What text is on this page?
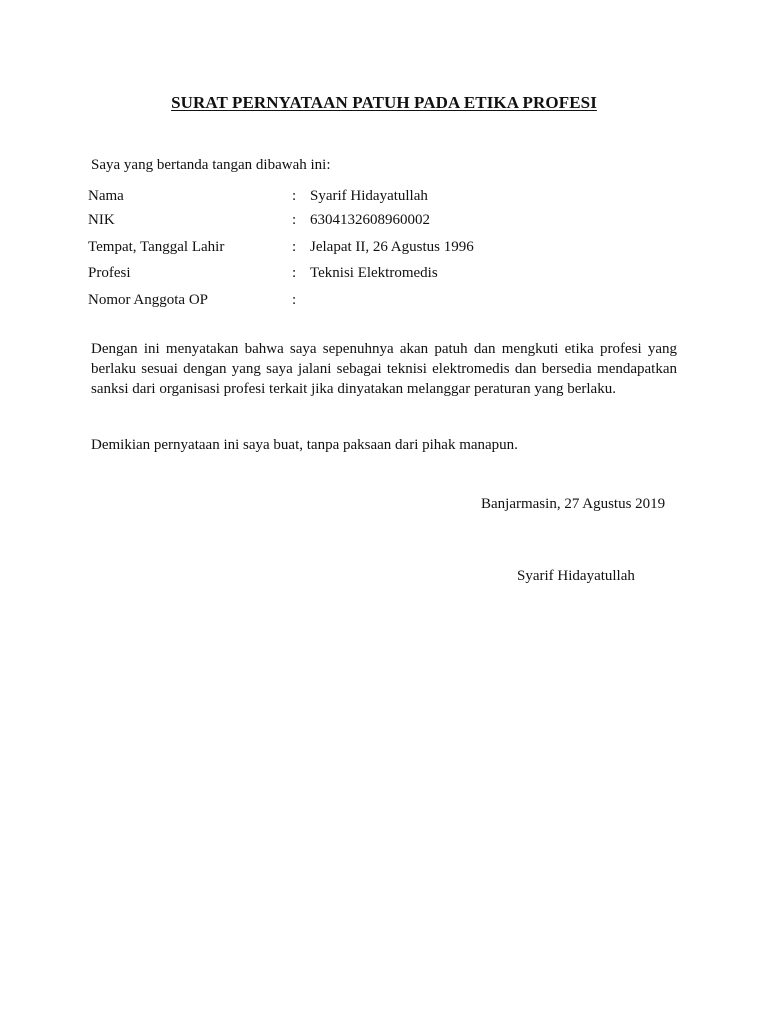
SURAT PERNYATAAN PATUH PADA ETIKA PROFESI
Saya yang bertanda tangan dibawah ini:
Nama	: Syarif Hidayatullah
NIK	: 6304132608960002
Tempat, Tanggal Lahir	: Jelapat II, 26 Agustus 1996
Profesi	: Teknisi Elektromedis
Nomor Anggota OP	:
Dengan ini menyatakan bahwa saya sepenuhnya akan patuh dan mengkuti etika profesi yang berlaku sesuai dengan yang saya jalani sebagai teknisi elektromedis dan bersedia mendapatkan sanksi dari organisasi profesi terkait jika dinyatakan melanggar peraturan yang berlaku.
Demikian pernyataan ini saya buat, tanpa paksaan dari pihak manapun.
Banjarmasin, 27 Agustus 2019
Syarif Hidayatullah
